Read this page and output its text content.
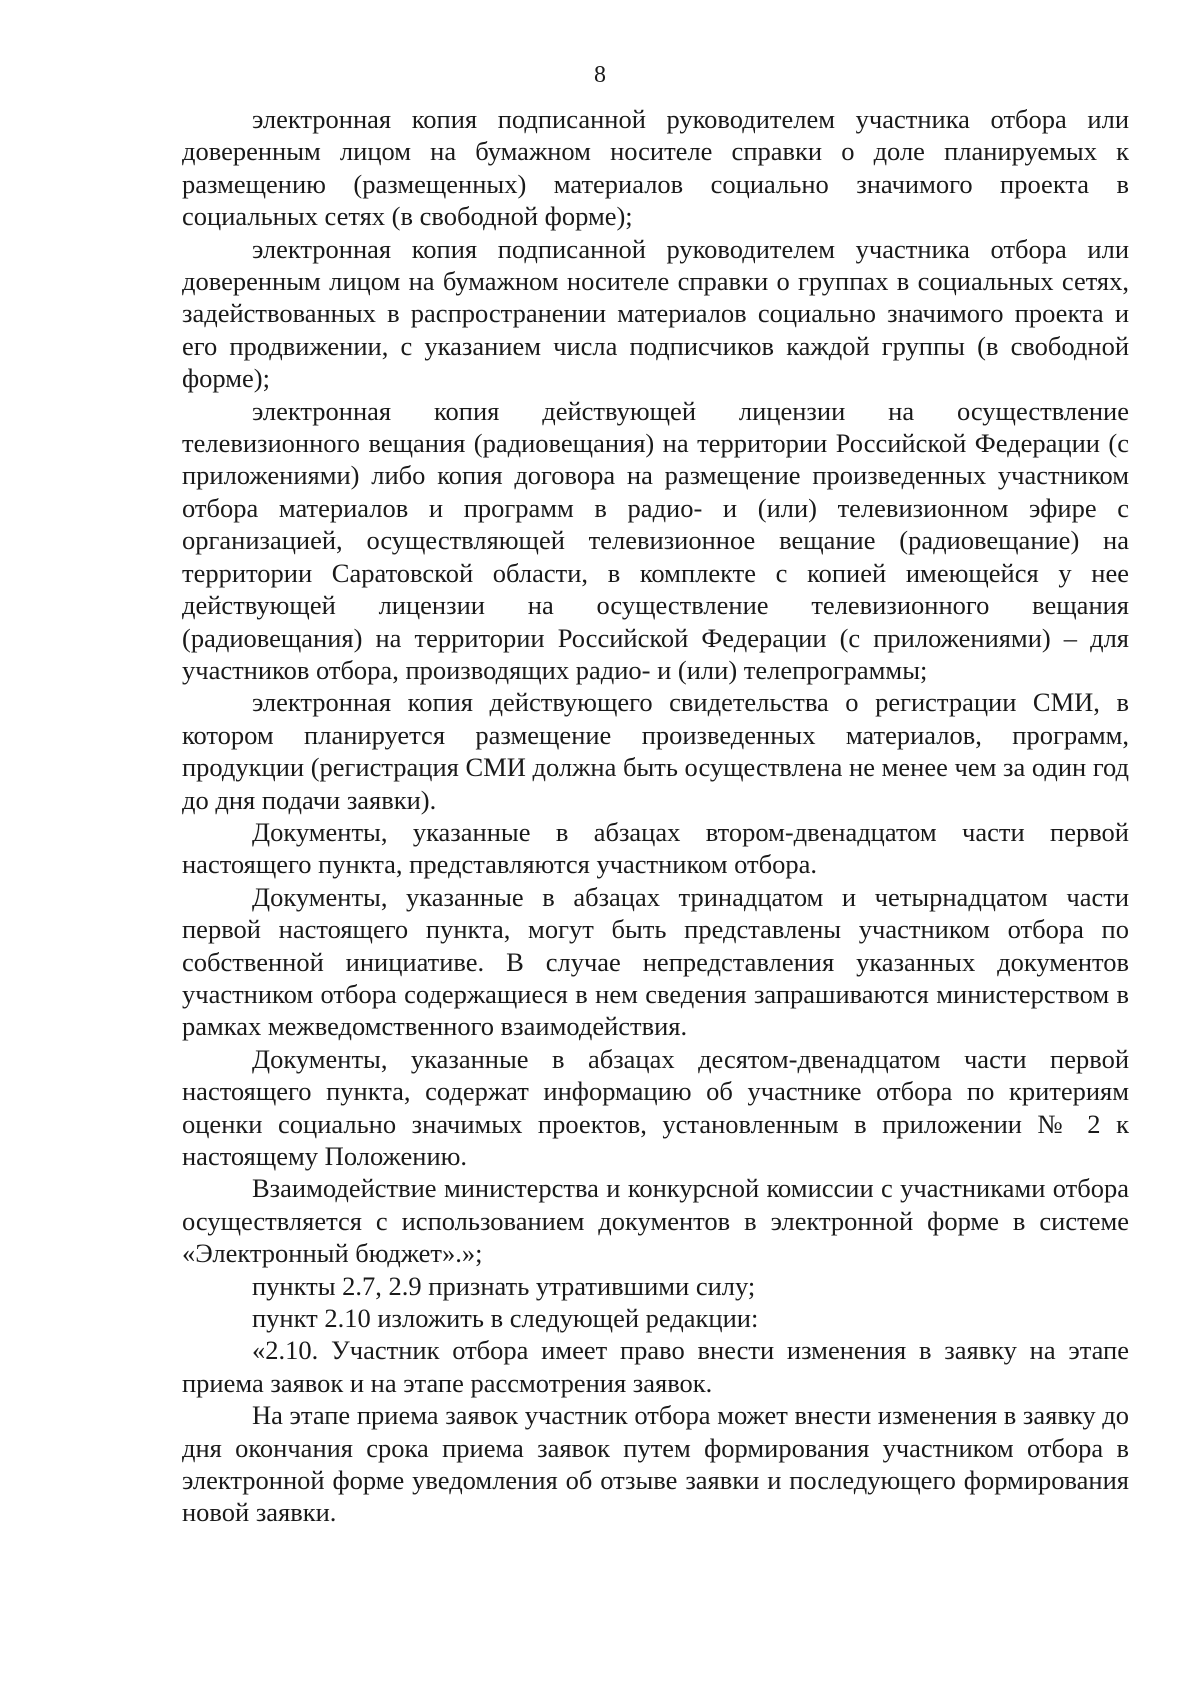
8

электронная копия подписанной руководителем участника отбора или доверенным лицом на бумажном носителе справки о доле планируемых к размещению (размещенных) материалов социально значимого проекта в социальных сетях (в свободной форме);

электронная копия подписанной руководителем участника отбора или доверенным лицом на бумажном носителе справки о группах в социальных сетях, задействованных в распространении материалов социально значимого проекта и его продвижении, с указанием числа подписчиков каждой группы (в свободной форме);

электронная копия действующей лицензии на осуществление телевизионного вещания (радиовещания) на территории Российской Федерации (с приложениями) либо копия договора на размещение произведенных участником отбора материалов и программ в радио- и (или) телевизионном эфире с организацией, осуществляющей телевизионное вещание (радиовещание) на территории Саратовской области, в комплекте с копией имеющейся у нее действующей лицензии на осуществление телевизионного вещания (радиовещания) на территории Российской Федерации (с приложениями) – для участников отбора, производящих радио- и (или) телепрограммы;

электронная копия действующего свидетельства о регистрации СМИ, в котором планируется размещение произведенных материалов, программ, продукции (регистрация СМИ должна быть осуществлена не менее чем за один год до дня подачи заявки).

Документы, указанные в абзацах втором-двенадцатом части первой настоящего пункта, представляются участником отбора.

Документы, указанные в абзацах тринадцатом и четырнадцатом части первой настоящего пункта, могут быть представлены участником отбора по собственной инициативе. В случае непредставления указанных документов участником отбора содержащиеся в нем сведения запрашиваются министерством в рамках межведомственного взаимодействия.

Документы, указанные в абзацах десятом-двенадцатом части первой настоящего пункта, содержат информацию об участнике отбора по критериям оценки социально значимых проектов, установленным в приложении № 2 к настоящему Положению.

Взаимодействие министерства и конкурсной комиссии с участниками отбора осуществляется с использованием документов в электронной форме в системе «Электронный бюджет».»;

пункты 2.7, 2.9 признать утратившими силу;

пункт 2.10 изложить в следующей редакции:

«2.10. Участник отбора имеет право внести изменения в заявку на этапе приема заявок и на этапе рассмотрения заявок.

На этапе приема заявок участник отбора может внести изменения в заявку до дня окончания срока приема заявок путем формирования участником отбора в электронной форме уведомления об отзыве заявки и последующего формирования новой заявки.
